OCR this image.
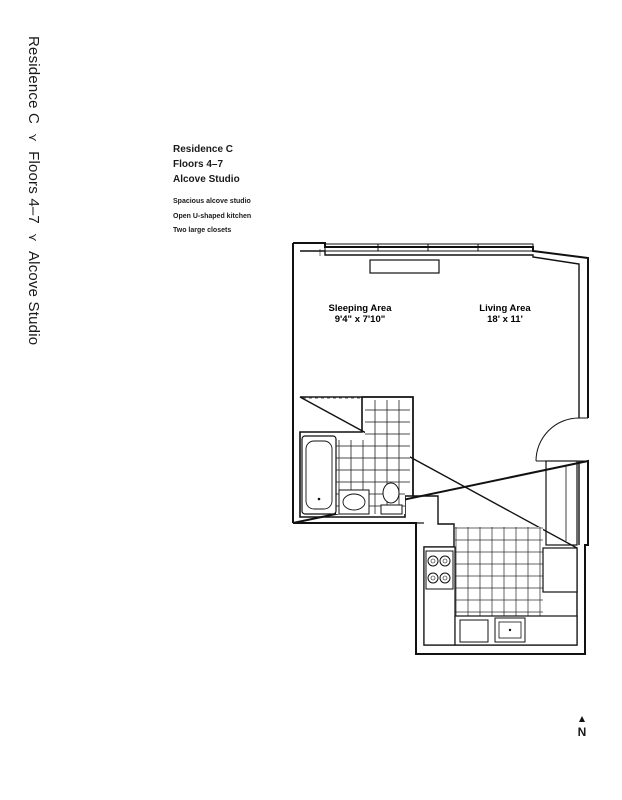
Residence C⋎Floors 4–7⋎Alcove Studio
Residence C
Floors 4–7
Alcove Studio
Spacious alcove studio
Open U-shaped kitchen
Two large closets
Sleeping Area
9'4" x 7'10"
Living Area
18' x 11'
N
